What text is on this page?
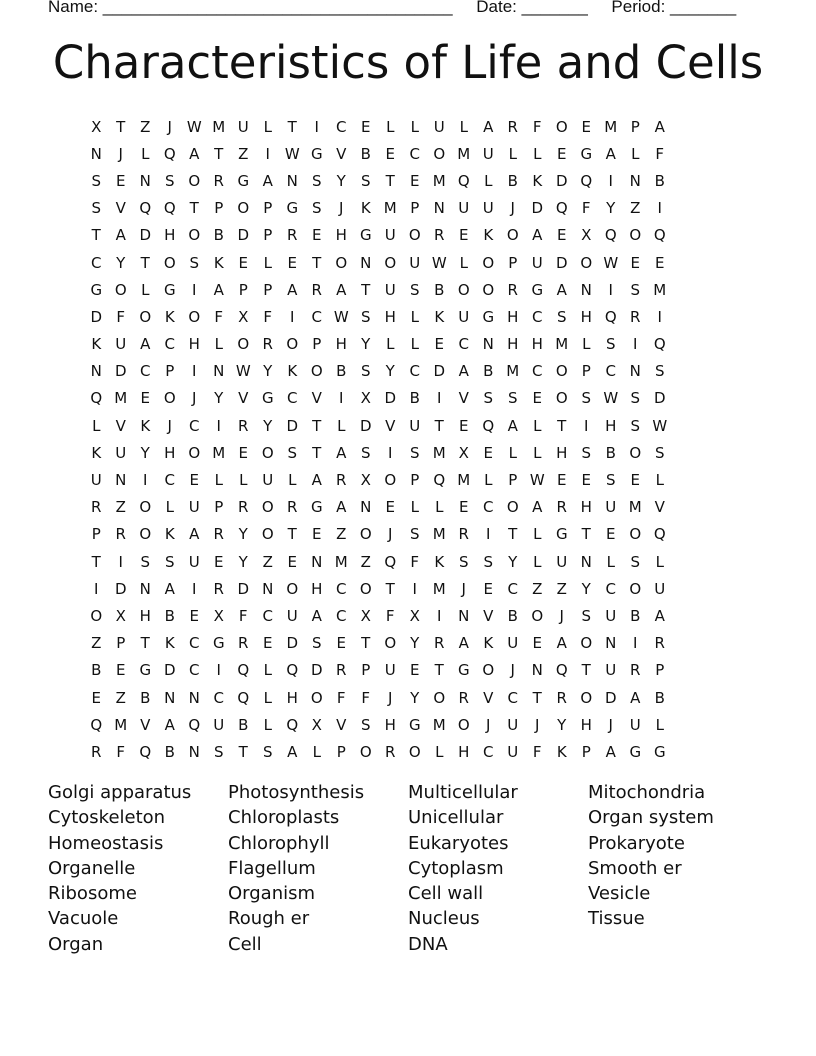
Name: _____________________________________ Date: _______ Period: _______
Characteristics of Life and Cells
X T Z	J W M U L	T	I	C E	L	L U L	A R F O E M P A
N	J	L Q A T Z	I W G V B E C O M U L	L	E G A	L	F
S E N S O R G A N S	Y	S	T	E M Q L	B K D Q	I	N B
S V Q Q T	P O P G S	J	K M P N U U	J	D Q F	Y Z	I
T A D H O B D P R E H G U O R E K O A E X Q O Q
C Y	T O S K E	L	E	T O N O U W L O P U D O W E	E
G O L G	I	A P	P A R A T U S B O O R G A N	I	S M
D F O K O F	X	F	I	C W S H L	K U G H C S H Q R	I
K U A C H L O R O P H Y	L	L	E C N H H M L	S	I	Q
N D C P	I	N W Y	K O B S	Y C D A B M C O P C N S
Q M E O	J	Y V G C V	I	X D B	I	V S S E O S W S D
L	V K	J	C	I	R Y D T	L D V U T	E Q A	L	T	I	H S W
K U Y H O M E O S	T A S	I	S M X E	L	L H S B O S
U N	I	C E	L	L U L	A R X O P Q M L	P W E	E	S E	L
R Z O L U P R O R G A N E	L	L	E C O A R H U M V
P R O K A R Y O T	E Z O	J	S M R	I	T	L G T	E O Q
T	I	S S U E	Y Z E N M Z Q F	K S S	Y	L U N L	S	L
I	D N A	I	R D N O H C O T	I	M	J	E C Z Z Y C O U
O X H B E X	F C U A C X	F	X	I	N V B O	J	S U B A
Z P	T	K C G R E D S E	T O Y R A K U E A O N	I	R
B E G D C	I	Q L Q D R P U E	T G O	J	N Q T U R P
E Z B N N C Q L H O F	F	J	Y O R V C T R O D A B
Q M V A Q U B	L Q X V S H G M O	J	U	J	Y H	J	U L
R F Q B N S	T	S A	L	P O R O L H C U F	K	P A G G
Golgi apparatus	Photosynthesis	Multicellular	Mitochondria
Cytoskeleton	Chloroplasts	Unicellular	Organ system
Homeostasis	Chlorophyll	Eukaryotes	Prokaryote
Organelle	Flagellum	Cytoplasm	Smooth er
Ribosome	Organism	Cell wall	Vesicle
Vacuole	Rough er	Nucleus	Tissue
Organ	Cell	DNA
